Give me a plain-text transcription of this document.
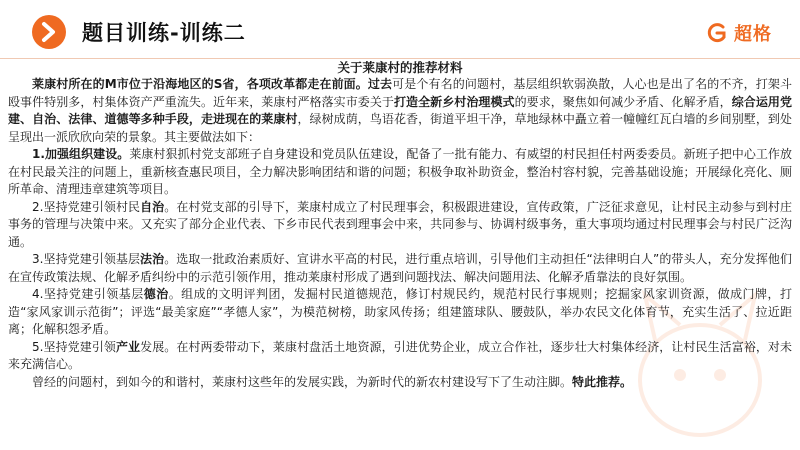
题目训练-训练二	超格
关于莱康村的推荐材料

莱康村所在的M市位于沿海地区的S省，各项改革都走在前面。过去可是个有名的问题村，基层组织软弱涣散，人心也是出了名的不齐，打架斗殴事件特别多，村集体资产严重流失。近年来，莱康村严格落实市委关于打造全新乡村治理模式的要求，聚焦如何减少矛盾、化解矛盾，综合运用党建、自治、法律、道德等多种手段，走进现在的莱康村，绿树成荫，鸟语花香，街道平坦干净，草地绿林中矗立着一幢幢红瓦白墙的乡间别墅，到处呈现出一派欣欣向荣的景象。其主要做法如下：

1.加强组织建设。莱康村狠抓村党支部班子自身建设和党员队伍建设，配备了一批有能力、有威望的村民担任村两委委员。新班子把中心工作放在村民最关注的问题上，重新核查惠民项目，全力解决影响团结和谐的问题；积极争取补助资金，整治村容村貌，完善基础设施；开展绿化亮化、厕所革命、清理违章建筑等项目。

2.坚持党建引领村民自治。在村党支部的引导下，莱康村成立了村民理事会，积极跟进建设，宣传政策，广泛征求意见，让村民主动参与到村庄事务的管理与决策中来。又充实了部分企业代表、下乡市民代表到理事会中来，共同参与、协调村级事务，重大事项均通过村民理事会与村民广泛沟通。

3.坚持党建引领基层法治。选取一批政治素质好、宣讲水平高的村民，进行重点培训，引导他们主动担任“法律明白人”的带头人，充分发挥他们在宣传政策法规、化解矛盾纠纷中的示范引领作用，推动莱康村形成了遇到问题找法、解决问题用法、化解矛盾靠法的良好氛围。

4.坚持党建引领基层德治。组成的文明评判团，发掘村民道德规范，修订村规民约，规范村民行事规则；挖掘家风家训资源，做成门牌，打造“家风家训示范街”；评选“最美家庭”“孝德人家”，为模范树榜，助家风传扬；组建篮球队、腰鼓队，举办农民文化体育节，充实生活了、拉近距离；化解积怨矛盾。

5.坚持党建引领产业发展。在村两委带动下，莱康村盘活土地资源，引进优势企业，成立合作社，逐步壮大村集体经济，让村民生活富裕，对未来充满信心。

曾经的问题村，到如今的和谐村，莱康村这些年的发展实践，为新时代的新农村建设写下了生动注脚。特此推荐。
